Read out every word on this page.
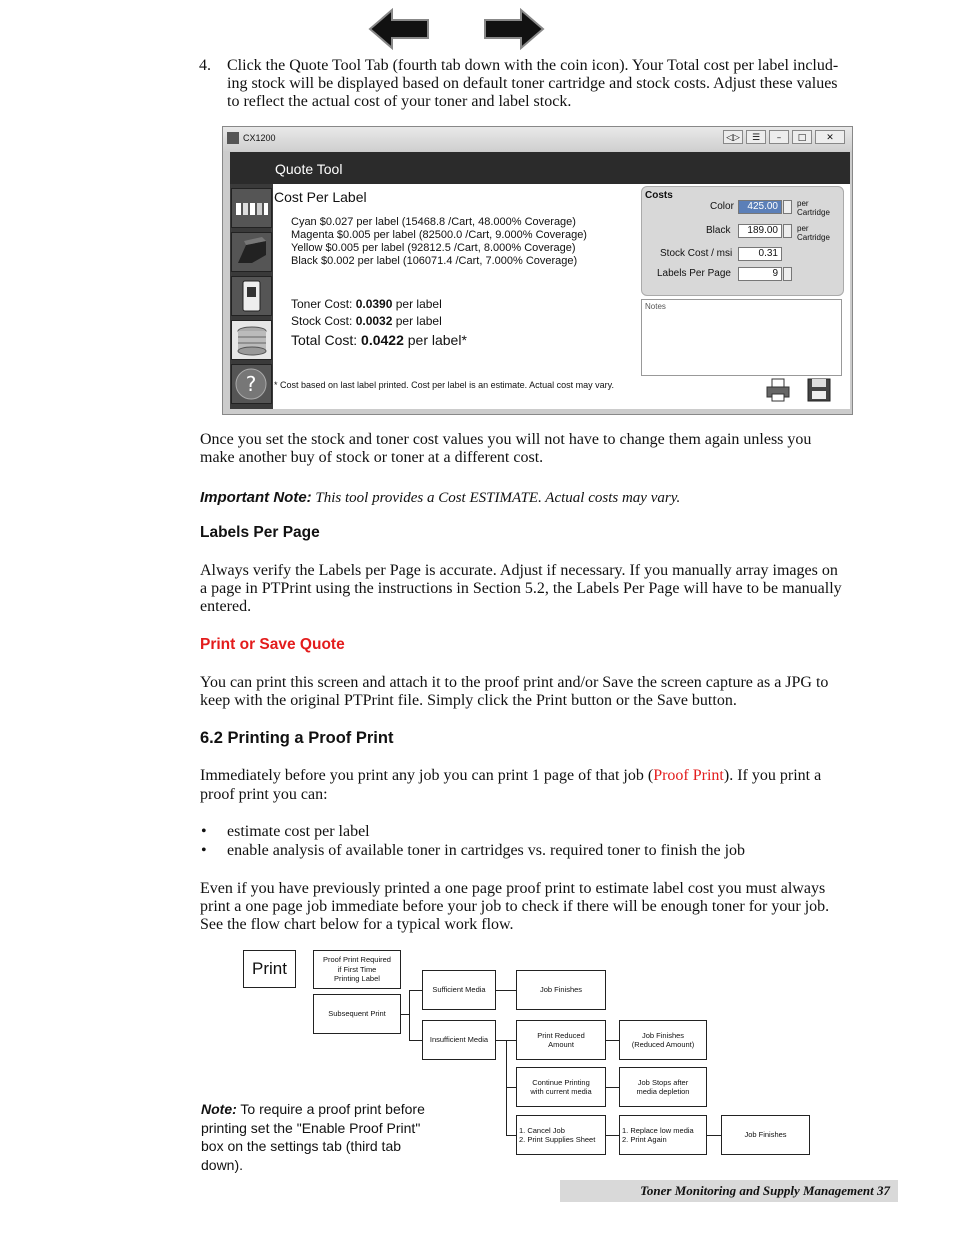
4. Click the Quote Tool Tab (fourth tab down with the coin icon). Your Total cost per label includ-
ing stock will be displayed based on default toner cartridge and stock costs. Adjust these values
to reflect the actual cost of your toner and label stock.
CX1200	◁▷	☰	–	□	✕
Quote Tool
?
Cost Per Label
Cyan $0.027 per label (15468.8 /Cart, 48.000% Coverage)
Magenta $0.005 per label (82500.0 /Cart, 9.000% Coverage)
Yellow $0.005 per label (92812.5 /Cart, 8.000% Coverage)
Black $0.002 per label (106071.4 /Cart, 7.000% Coverage)
Toner Cost: 0.0390 per label
Stock Cost: 0.0032 per label
Total Cost: 0.0422 per label*
Costs
Color	425.00	per
Cartridge
Black	189.00	per
Cartridge
Stock Cost / msi	0.31
Labels Per Page	9
Notes
* Cost based on last label printed. Cost per label is an estimate. Actual cost may vary.
Once you set the stock and toner cost values you will not have to change them again unless you
make another buy of stock or toner at a different cost.
Important Note: This tool provides a Cost ESTIMATE. Actual costs may vary.
Labels Per Page
Always verify the Labels per Page is accurate. Adjust if necessary. If you manually array images on
a page in PTPrint using the instructions in Section 5.2, the Labels Per Page will have to be manually
entered.
Print or Save Quote
You can print this screen and attach it to the proof print and/or Save the screen capture as a JPG to
keep with the original PTPrint file. Simply click the Print button or the Save button.
6.2 Printing a Proof Print
Immediately before you print any job you can print 1 page of that job (Proof Print). If you print a
proof print you can:
• estimate cost per label
• enable analysis of available toner in cartridges vs. required toner to finish the job
Even if you have previously printed a one page proof print to estimate label cost you must always
print a one page job immediate before your job to check if there will be enough toner for your job.
See the flow chart below for a typical work flow.
Print	Proof Print Required
if First Time
Printing Label
Subsequent Print
Sufficient Media
Insufficient Media
Job Finishes
Print Reduced
Amount
Job Finishes
(Reduced Amount)
Continue Printing
with current media
Job Stops after
media depletion
1. Cancel Job
2. Print Supplies Sheet
1. Replace low media
2. Print Again
Job Finishes
Note: To require a proof print before
printing set the "Enable Proof Print"
box on the settings tab (third tab
down).
Toner Monitoring and Supply Management 37
